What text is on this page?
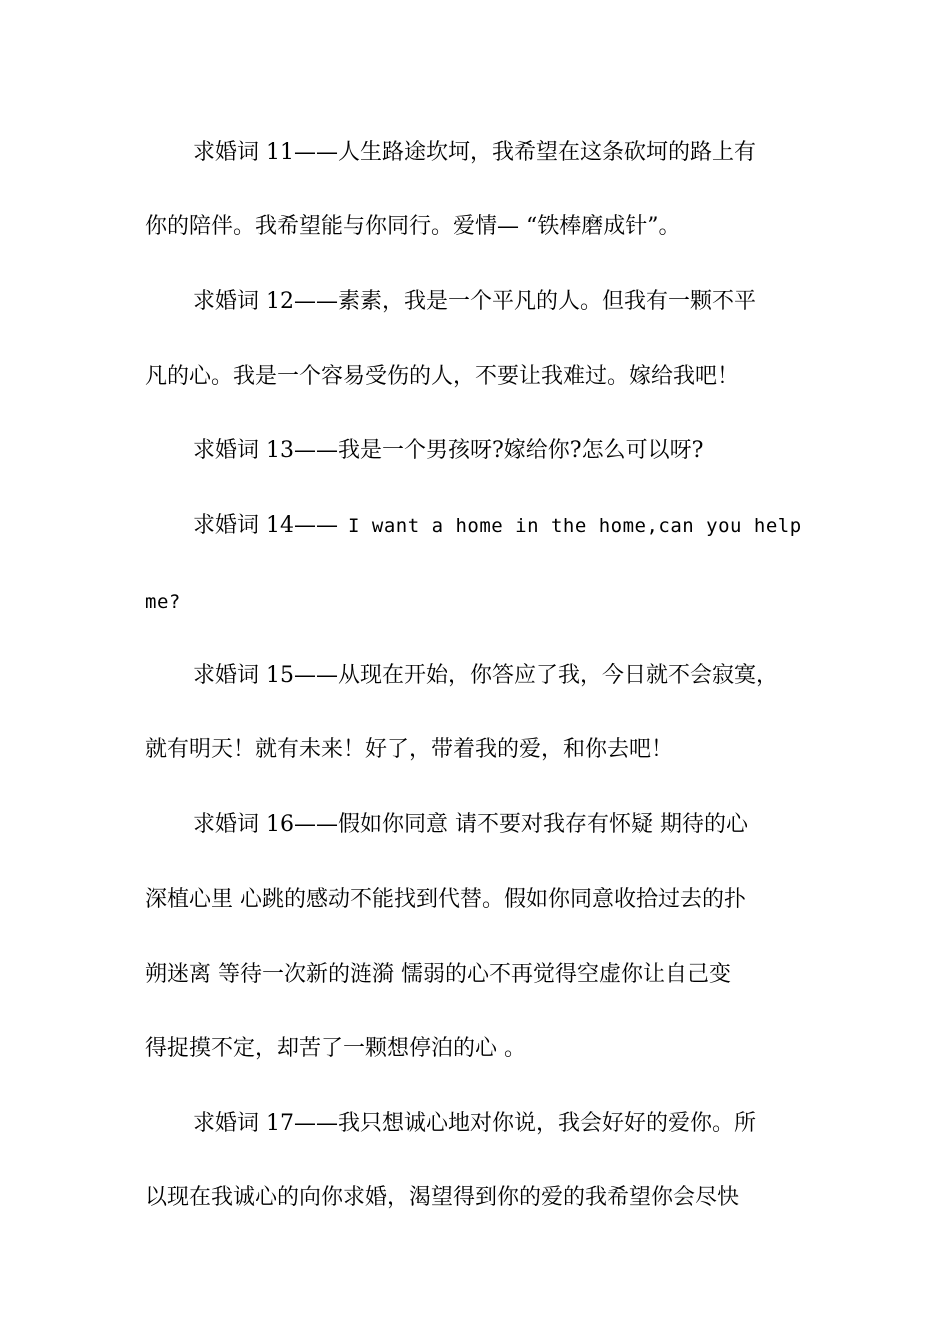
求婚词 11——人生路途坎坷，我希望在这条砍坷的路上有
你的陪伴。我希望能与你同行。爱情— “铁棒磨成针”。
求婚词 12——素素，我是一个平凡的人。但我有一颗不平
凡的心。我是一个容易受伤的人，不要让我难过。嫁给我吧！
求婚词 13——我是一个男孩呀?嫁给你?怎么可以呀?
求婚词 14—— I want a home in the home,can you help
me?
求婚词 15——从现在开始，你答应了我，今日就不会寂寞，
就有明天！就有未来！好了，带着我的爱，和你去吧！
求婚词 16——假如你同意 请不要对我存有怀疑 期待的心
深植心里 心跳的感动不能找到代替。假如你同意收拾过去的扑
朔迷离 等待一次新的涟漪 懦弱的心不再觉得空虚你让自己变
得捉摸不定，却苦了一颗想停泊的心 。
求婚词 17——我只想诚心地对你说，我会好好的爱你。所
以现在我诚心的向你求婚，渴望得到你的爱的我希望你会尽快
